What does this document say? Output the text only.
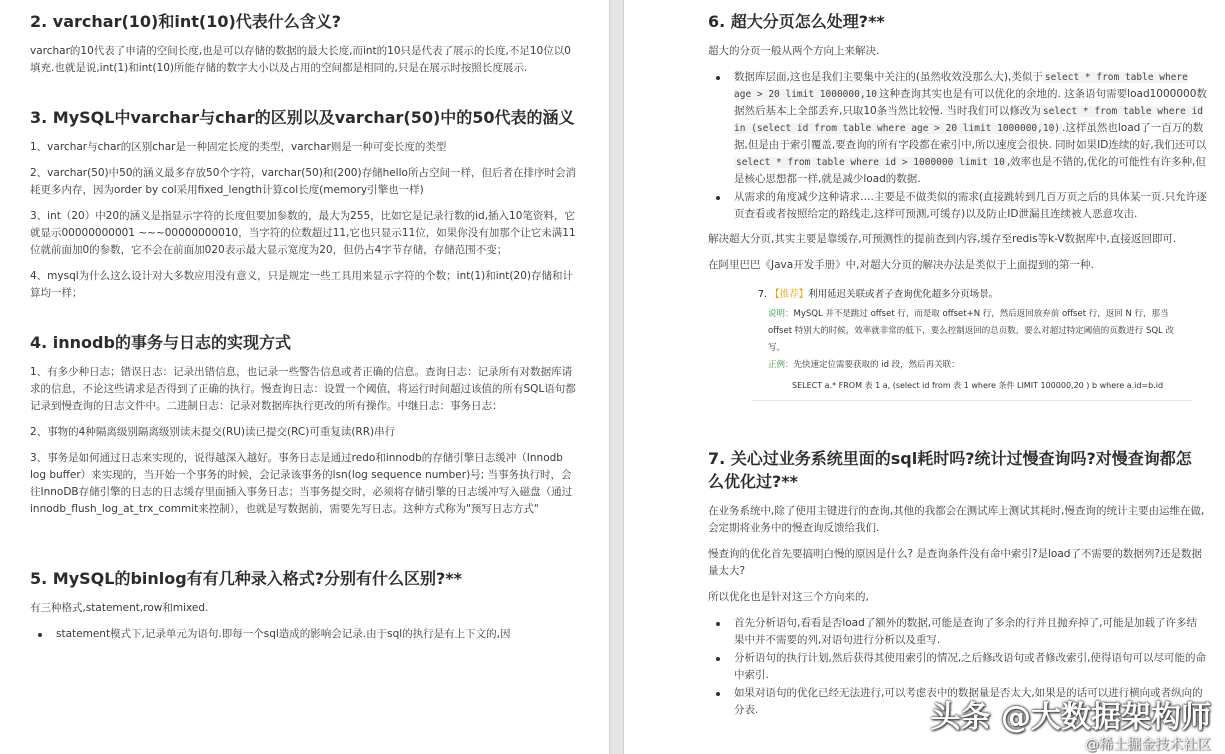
2. varchar(10)和int(10)代表什么含义?

varchar的10代表了申请的空间长度,也是可以存储的数据的最大长度,而int的10只是代表了展示的长度,不足10位以0填充.也就是说,int(1)和int(10)所能存储的数字大小以及占用的空间都是相同的,只是在展示时按照长度展示.

3. MySQL中varchar与char的区别以及varchar(50)中的50代表的涵义

1、varchar与char的区别char是一种固定长度的类型，varchar则是一种可变长度的类型

2、varchar(50)中50的涵义最多存放50个字符，varchar(50)和(200)存储hello所占空间一样，但后者在排序时会消耗更多内存，因为order by col采用fixed_length计算col长度(memory引擎也一样)

3、int（20）中20的涵义是指显示字符的长度但要加参数的，最大为255，比如它是记录行数的id,插入10笔资料，它就显示00000000001 ~~~00000000010，当字符的位数超过11,它也只显示11位，如果你没有加那个让它未满11位就前面加0的参数，它不会在前面加020表示最大显示宽度为20，但仍占4字节存储，存储范围不变；

4、mysql为什么这么设计对大多数应用没有意义，只是规定一些工具用来显示字符的个数；int(1)和int(20)存储和计算均一样；

4. innodb的事务与日志的实现方式

1、有多少种日志；错误日志：记录出错信息，也记录一些警告信息或者正确的信息。查询日志：记录所有对数据库请求的信息，不论这些请求是否得到了正确的执行。慢查询日志：设置一个阈值，将运行时间超过该值的所有SQL语句都记录到慢查询的日志文件中。二进制日志：记录对数据库执行更改的所有操作。中继日志：事务日志：

2、事物的4种隔离级别隔离级别读未提交(RU)读已提交(RC)可重复读(RR)串行

3、事务是如何通过日志来实现的，说得越深入越好。事务日志是通过redo和innodb的存储引擎日志缓冲（Innodb log buffer）来实现的，当开始一个事务的时候，会记录该事务的lsn(log sequence number)号; 当事务执行时，会往InnoDB存储引擎的日志的日志缓存里面插入事务日志；当事务提交时，必须将存储引擎的日志缓冲写入磁盘（通过innodb_flush_log_at_trx_commit来控制），也就是写数据前，需要先写日志。这种方式称为"预写日志方式"

5. MySQL的binlog有有几种录入格式?分别有什么区别?**

有三种格式,statement,row和mixed.

statement模式下,记录单元为语句.即每一个sql造成的影响会记录.由于sql的执行是有上下文的,因
6. 超大分页怎么处理?**

超大的分页一般从两个方向上来解决.

数据库层面,这也是我们主要集中关注的(虽然收效没那么大),类似于 select * from table where age > 20 limit 1000000,10 这种查询其实也是有可以优化的余地的. 这条语句需要load1000000数据然后基本上全部丢弃,只取10条当然比较慢. 当时我们可以修改为 select * from table where id in (select id from table where age > 20 limit 1000000,10) .这样虽然也load了一百万的数据,但是由于索引覆盖,要查询的所有字段都在索引中,所以速度会很快. 同时如果ID连续的好,我们还可以select * from table where id > 1000000 limit 10 ,效率也是不错的,优化的可能性有许多种,但是核心思想都一样,就是减少load的数据.
从需求的角度减少这种请求….主要是不做类似的需求(直接跳转到几百万页之后的具体某一页.只允许逐页查看或者按照给定的路线走,这样可预测,可缓存)以及防止ID泄漏且连续被人恶意攻击.

解决超大分页,其实主要是靠缓存,可预测性的提前查到内容,缓存至redis等k-V数据库中,直接返回即可.

在阿里巴巴《Java开发手册》中,对超大分页的解决办法是类似于上面提到的第一种.

7. 【推荐】利用延迟关联或者子查询优化超多分页场景。
说明：MySQL 并不是跳过 offset 行，而是取 offset+N 行，然后返回放弃前 offset 行，返回 N 行，那当 offset 特别大的时候，效率就非常的低下，要么控制返回的总页数，要么对超过特定阈值的页数进行 SQL 改写。
正例：先快速定位需要获取的 id 段，然后再关联：
SELECT a.* FROM 表 1 a, (select id from 表 1 where 条件 LIMIT 100000,20 ) b where a.id=b.id
7. 关心过业务系统里面的sql耗时吗?统计过慢查询吗?对慢查询都怎么优化过?**

在业务系统中,除了使用主键进行的查询,其他的我都会在测试库上测试其耗时,慢查询的统计主要由运维在做,会定期将业务中的慢查询反馈给我们.

慢查询的优化首先要搞明白慢的原因是什么? 是查询条件没有命中索引?是load了不需要的数据列?还是数据量太大?

所以优化也是针对这三个方向来的,

首先分析语句,看看是否load了额外的数据,可能是查询了多余的行并且抛弃掉了,可能是加载了许多结果中并不需要的列,对语句进行分析以及重写.
分析语句的执行计划,然后获得其使用索引的情况,之后修改语句或者修改索引,使得语句可以尽可能的命中索引.
如果对语句的优化已经无法进行,可以考虑表中的数据量是否太大,如果是的话可以进行横向或者纵向的分表.	头条 @大数据架构师
@稀土掘金技术社区
